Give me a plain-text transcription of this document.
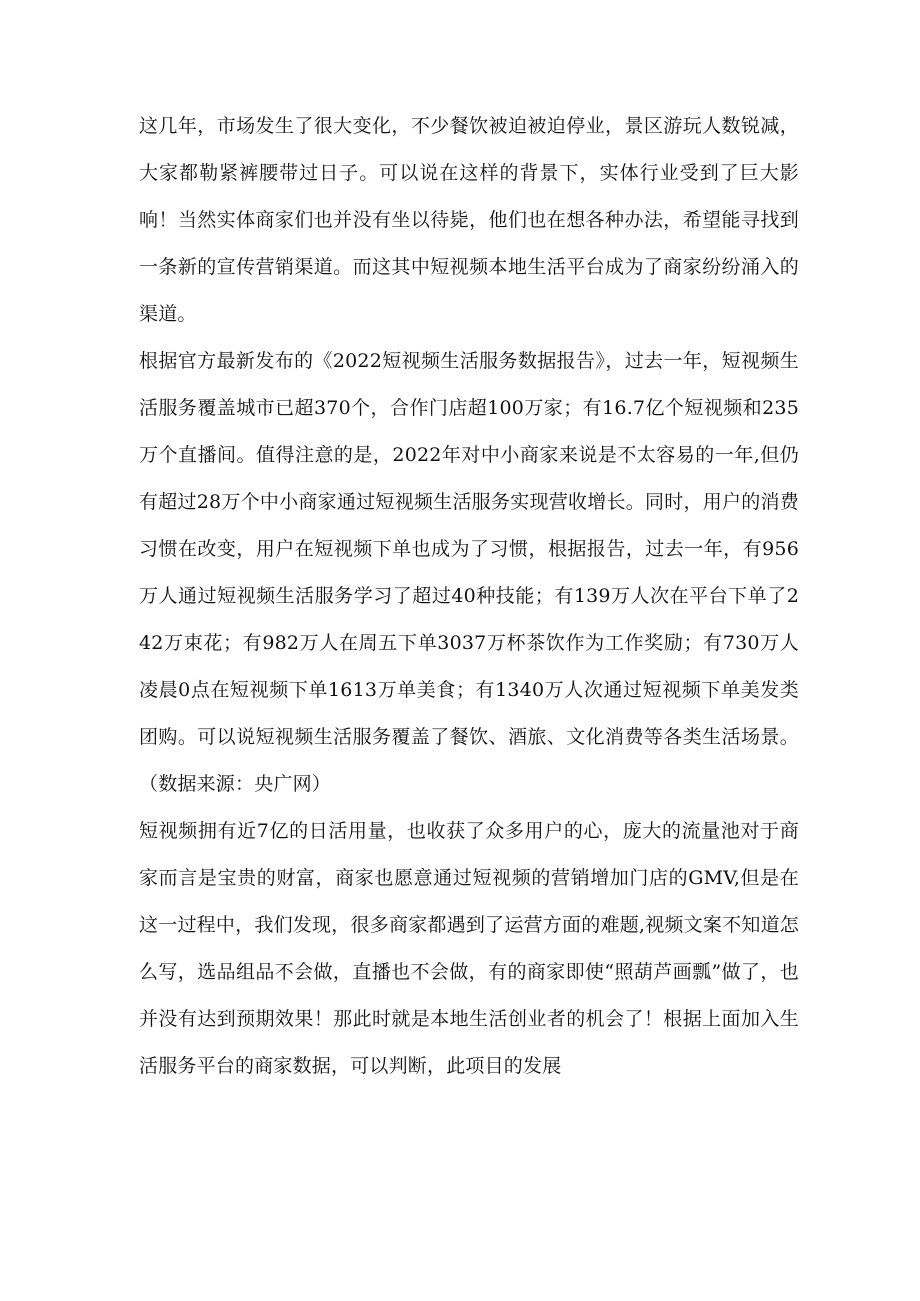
这几年，市场发生了很大变化，不少餐饮被迫被迫停业，景区游玩人数锐减，大家都勒紧裤腰带过日子。可以说在这样的背景下，实体行业受到了巨大影响！当然实体商家们也并没有坐以待毙，他们也在想各种办法，希望能寻找到一条新的宣传营销渠道。而这其中短视频本地生活平台成为了商家纷纷涌入的渠道。

根据官方最新发布的《2022短视频生活服务数据报告》，过去一年，短视频生活服务覆盖城市已超370个，合作门店超100万家；有16.7亿个短视频和235万个直播间。值得注意的是，2022年对中小商家来说是不太容易的一年,但仍有超过28万个中小商家通过短视频生活服务实现营收增长。同时，用户的消费习惯在改变，用户在短视频下单也成为了习惯，根据报告，过去一年，有956万人通过短视频生活服务学习了超过40种技能；有139万人次在平台下单了242万束花；有982万人在周五下单3037万杯茶饮作为工作奖励；有730万人凌晨0点在短视频下单1613万单美食；有1340万人次通过短视频下单美发类团购。可以说短视频生活服务覆盖了餐饮、酒旅、文化消费等各类生活场景。（数据来源：央广网）

短视频拥有近7亿的日活用量，也收获了众多用户的心，庞大的流量池对于商家而言是宝贵的财富，商家也愿意通过短视频的营销增加门店的GMV,但是在这一过程中，我们发现，很多商家都遇到了运营方面的难题,视频文案不知道怎么写，选品组品不会做，直播也不会做，有的商家即使“照葫芦画瓢”做了，也并没有达到预期效果！那此时就是本地生活创业者的机会了！根据上面加入生活服务平台的商家数据，可以判断，此项目的发展
